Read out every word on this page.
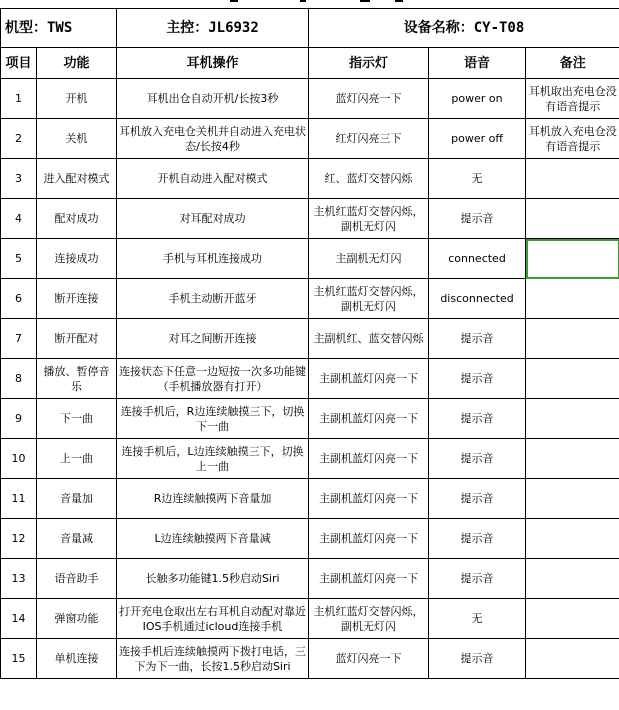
机型：TWS		主控：JL6932	设备名称：CY-T08		
项目	功能	耳机操作	指示灯	语音	备注
1	开机	耳机出仓自动开机/长按3秒	蓝灯闪亮一下	power on	耳机取出充电仓没有语音提示
2	关机	耳机放入充电仓关机并自动进入充电状态/长按4秒	红灯闪亮三下	power off	耳机放入充电仓没有语音提示
3	进入配对模式	开机自动进入配对模式	红、蓝灯交替闪烁	无	
4	配对成功	对耳配对成功	主机红蓝灯交替闪烁，副机无灯闪	提示音	
5	连接成功	手机与耳机连接成功	主副机无灯闪	connected	
6	断开连接	手机主动断开蓝牙	主机红蓝灯交替闪烁，副机无灯闪	disconnected	
7	断开配对	对耳之间断开连接	主副机红、蓝交替闪烁	提示音	
8	播放、暂停音乐	连接状态下任意一边短按一次多功能键（手机播放器有打开）	主副机蓝灯闪亮一下	提示音	
9	下一曲	连接手机后，R边连续触摸三下，切换下一曲	主副机蓝灯闪亮一下	提示音	
10	上一曲	连接手机后，L边连续触摸三下，切换上一曲	主副机蓝灯闪亮一下	提示音	
11	音量加	R边连续触摸两下音量加	主副机蓝灯闪亮一下	提示音	
12	音量减	L边连续触摸两下音量减	主副机蓝灯闪亮一下	提示音	
13	语音助手	长触多功能键1.5秒启动Siri	主副机蓝灯闪亮一下	提示音	
14	弹窗功能	打开充电仓取出左右耳机自动配对靠近IOS手机通过icloud连接手机	主机红蓝灯交替闪烁，副机无灯闪	无	
15	单机连接	连接手机后连续触摸两下拨打电话，三下为下一曲，长按1.5秒启动Siri	蓝灯闪亮一下	提示音	
